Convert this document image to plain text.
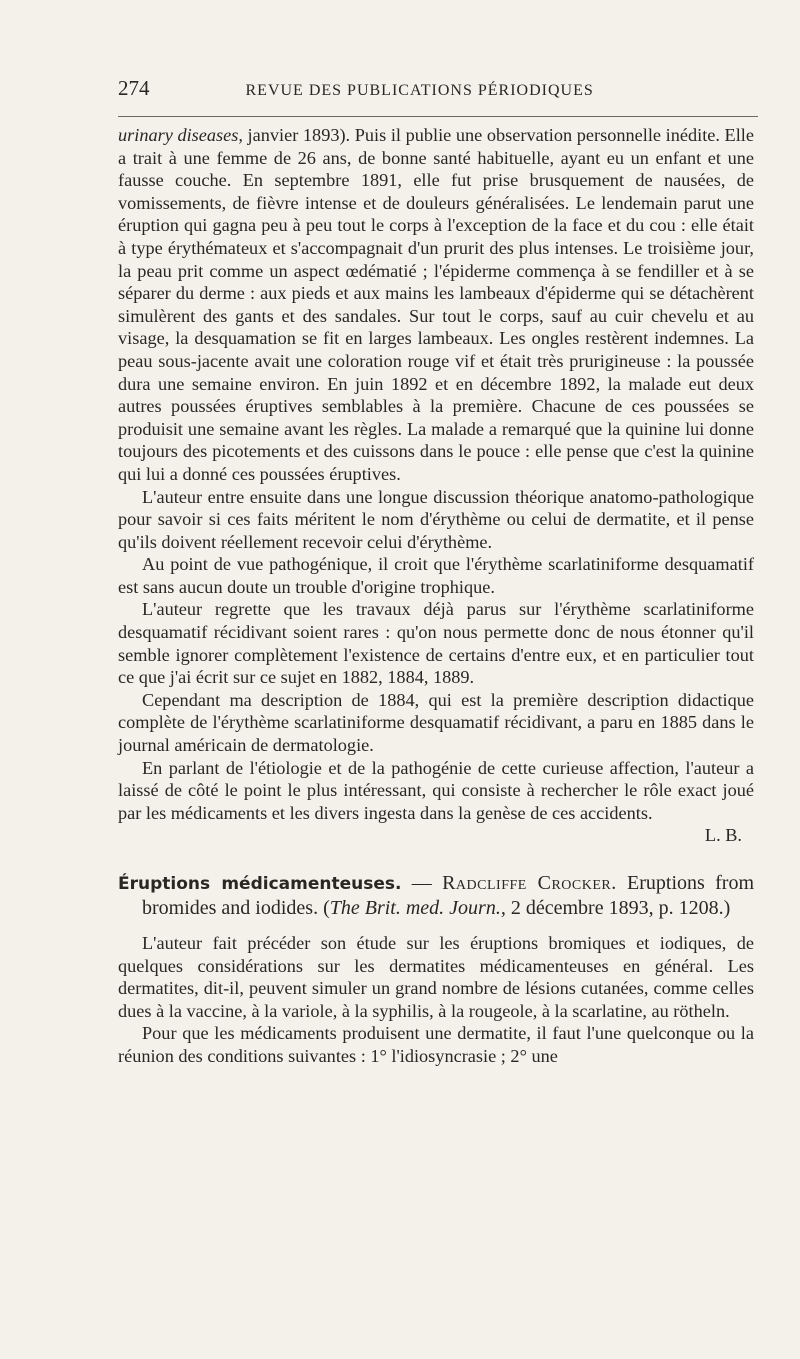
274	REVUE DES PUBLICATIONS PÉRIODIQUES

urinary diseases, janvier 1893). Puis il publie une observation personnelle inédite. Elle a trait à une femme de 26 ans, de bonne santé habituelle, ayant eu un enfant et une fausse couche. En septembre 1891, elle fut prise brusquement de nausées, de vomissements, de fièvre intense et de douleurs généralisées. Le lendemain parut une éruption qui gagna peu à peu tout le corps à l'exception de la face et du cou : elle était à type érythémateux et s'accompagnait d'un prurit des plus intenses. Le troisième jour, la peau prit comme un aspect œdématié ; l'épiderme commença à se fendiller et à se séparer du derme : aux pieds et aux mains les lambeaux d'épiderme qui se détachèrent simulèrent des gants et des sandales. Sur tout le corps, sauf au cuir chevelu et au visage, la desquamation se fit en larges lambeaux. Les ongles restèrent indemnes. La peau sous-jacente avait une coloration rouge vif et était très prurigineuse : la poussée dura une semaine environ. En juin 1892 et en décembre 1892, la malade eut deux autres poussées éruptives semblables à la première. Chacune de ces poussées se produisit une semaine avant les règles. La malade a remarqué que la quinine lui donne toujours des picotements et des cuissons dans le pouce : elle pense que c'est la quinine qui lui a donné ces poussées éruptives.

L'auteur entre ensuite dans une longue discussion théorique anatomo-pathologique pour savoir si ces faits méritent le nom d'érythème ou celui de dermatite, et il pense qu'ils doivent réellement recevoir celui d'érythème.

Au point de vue pathogénique, il croit que l'érythème scarlatiniforme desquamatif est sans aucun doute un trouble d'origine trophique.

L'auteur regrette que les travaux déjà parus sur l'érythème scarlatiniforme desquamatif récidivant soient rares : qu'on nous permette donc de nous étonner qu'il semble ignorer complètement l'existence de certains d'entre eux, et en particulier tout ce que j'ai écrit sur ce sujet en 1882, 1884, 1889.

Cependant ma description de 1884, qui est la première description didactique complète de l'érythème scarlatiniforme desquamatif récidivant, a paru en 1885 dans le journal américain de dermatologie.

En parlant de l'étiologie et de la pathogénie de cette curieuse affection, l'auteur a laissé de côté le point le plus intéressant, qui consiste à rechercher le rôle exact joué par les médicaments et les divers ingesta dans la genèse de ces accidents.

L. B.

Éruptions médicamenteuses. — Radcliffe Crocker. Eruptions from bromides and iodides. (The Brit. med. Journ., 2 décembre 1893, p. 1208.)

L'auteur fait précéder son étude sur les éruptions bromiques et iodiques, de quelques considérations sur les dermatites médicamenteuses en général. Les dermatites, dit-il, peuvent simuler un grand nombre de lésions cutanées, comme celles dues à la vaccine, à la variole, à la syphilis, à la rougeole, à la scarlatine, au rötheln.

Pour que les médicaments produisent une dermatite, il faut l'une quelconque ou la réunion des conditions suivantes : 1° l'idiosyncrasie ; 2° une
